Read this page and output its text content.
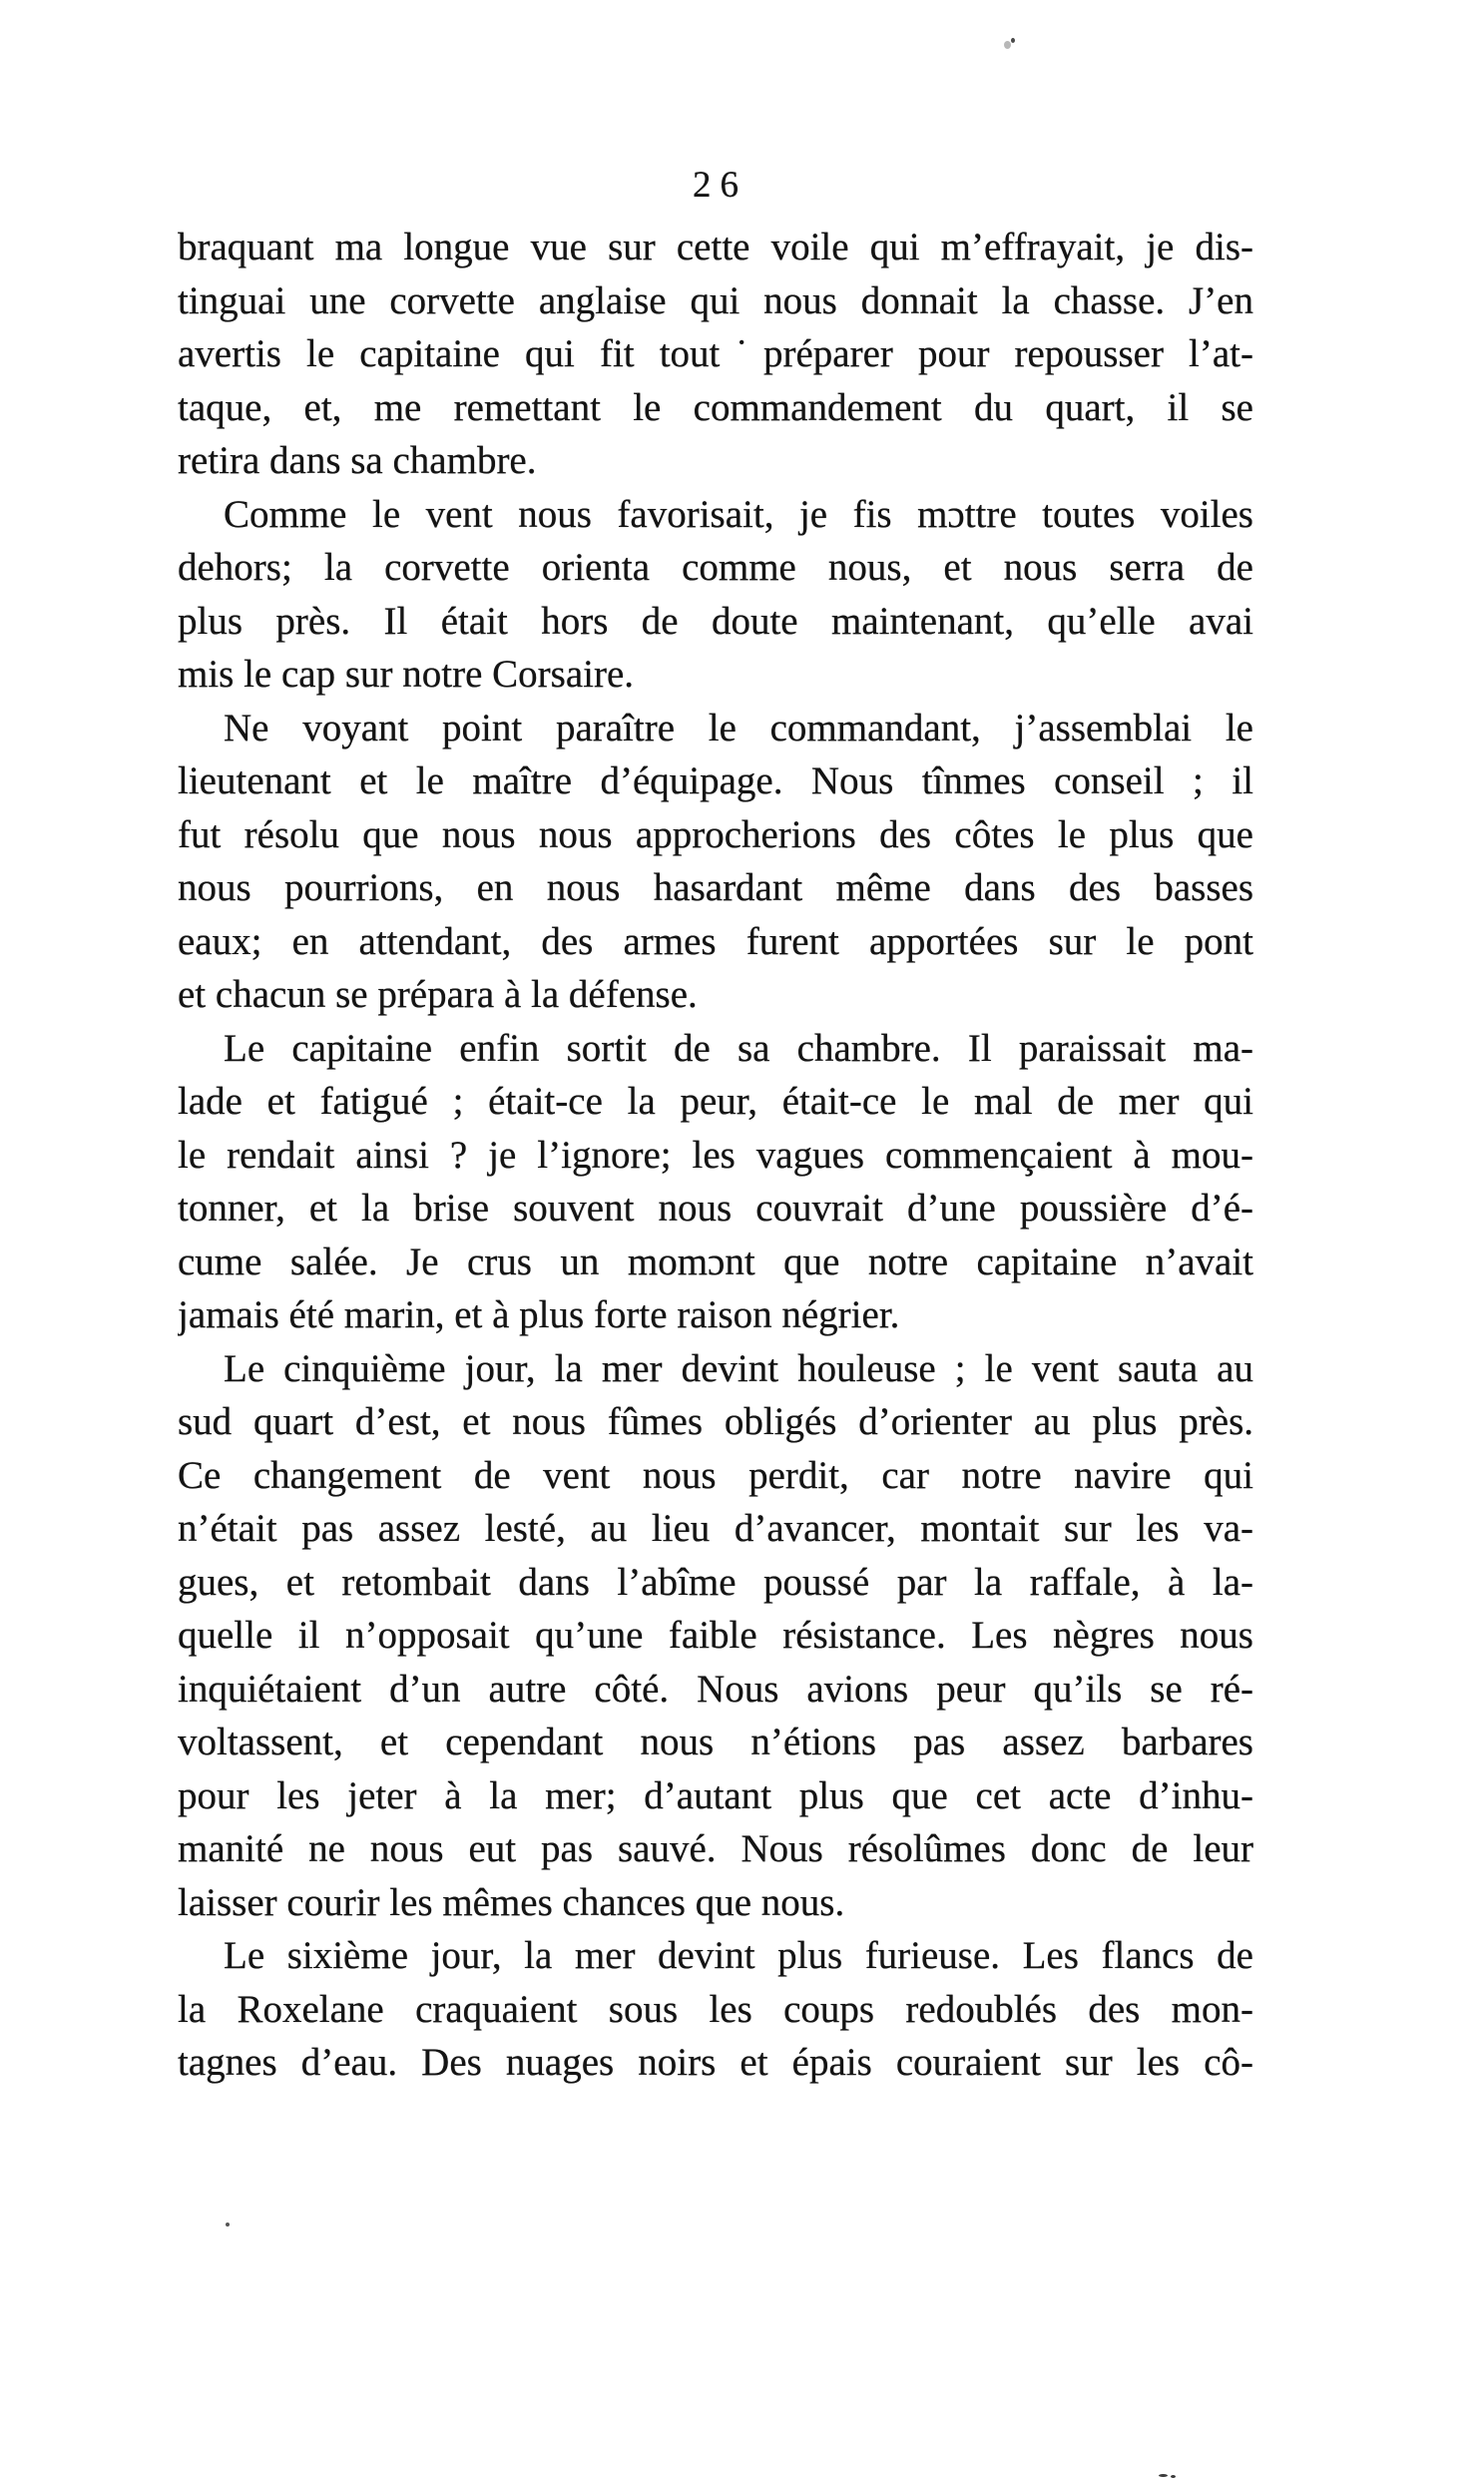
26
braquant ma longue vue sur cette voile qui m’effrayait, je dis-
tinguai une corvette anglaise qui nous donnait la chasse. J’en
avertis le capitaine qui fit tout˙préparer pour repousser l’at-
taque, et, me remettant le commandement du quart, il se
retira dans sa chambre.
Comme le vent nous favorisait, je fis mɔttre toutes voiles
dehors; la corvette orienta comme nous, et nous serra de
plus près. Il était hors de doute maintenant, qu’elle avai
mis le cap sur notre Corsaire.
Ne voyant point paraître le commandant, j’assemblai le
lieutenant et le maître d’équipage. Nous tînmes conseil ; il
fut résolu que nous nous approcherions des côtes le plus que
nous pourrions, en nous hasardant même dans des basses
eaux; en attendant, des armes furent apportées sur le pont
et chacun se prépara à la défense.
Le capitaine enfin sortit de sa chambre. Il paraissait ma-
lade et fatigué ; était-ce la peur, était-ce le mal de mer qui
le rendait ainsi ? je l’ignore; les vagues commençaient à mou-
tonner, et la brise souvent nous couvrait d’une poussière d’é-
cume salée. Je crus un momɔnt que notre capitaine n’avait
jamais été marin, et à plus forte raison négrier.
Le cinquième jour, la mer devint houleuse ; le vent sauta au
sud quart d’est, et nous fûmes obligés d’orienter au plus près.
Ce changement de vent nous perdit, car notre navire qui
n’était pas assez lesté, au lieu d’avancer, montait sur les va-
gues, et retombait dans l’abîme poussé par la raffale, à la-
quelle il n’opposait qu’une faible résistance. Les nègres nous
inquiétaient d’un autre côté. Nous avions peur qu’ils se ré-
voltassent, et cependant nous n’étions pas assez barbares
pour les jeter à la mer; d’autant plus que cet acte d’inhu-
manité ne nous eut pas sauvé. Nous résolûmes donc de leur
laisser courir les mêmes chances que nous.
Le sixième jour, la mer devint plus furieuse. Les flancs de
la Roxelane craquaient sous les coups redoublés des mon-
tagnes d’eau. Des nuages noirs et épais couraient sur les cô-
